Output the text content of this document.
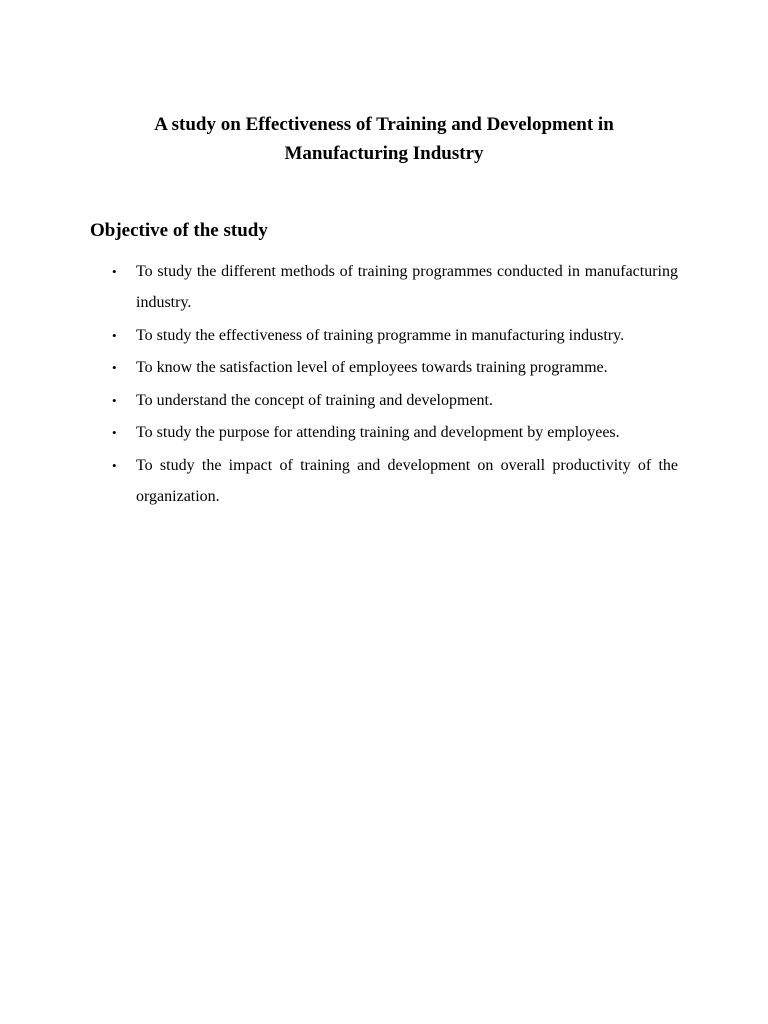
A study on Effectiveness of Training and Development in
Manufacturing Industry
Objective of the study
• To study the different methods of training programmes conducted in manufacturing industry.
• To study the effectiveness of training programme in manufacturing industry.
• To know the satisfaction level of employees towards training programme.
• To understand the concept of training and development.
• To study the purpose for attending training and development by employees.
• To study the impact of training and development on overall productivity of the organization.
